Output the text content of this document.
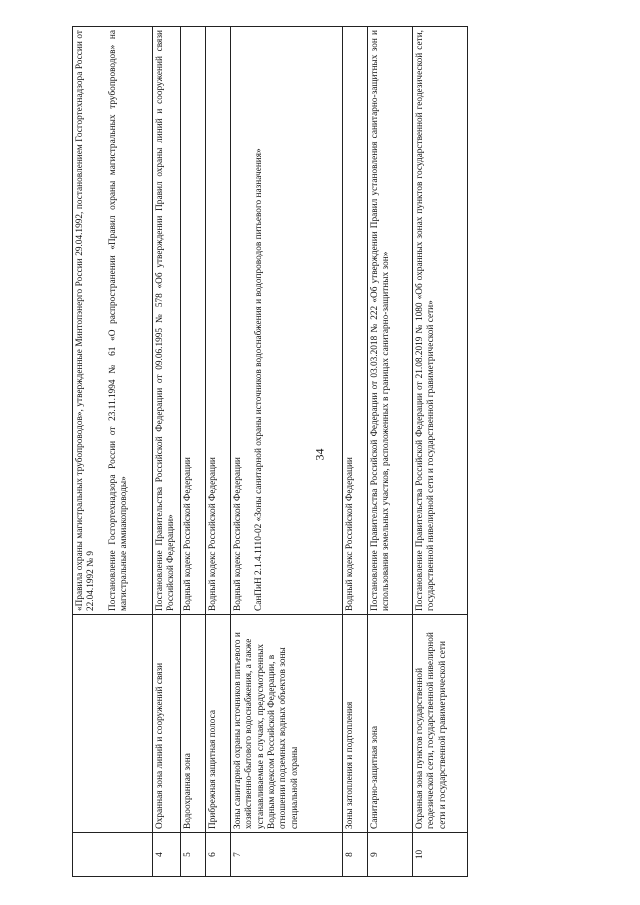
34

		«Правила охраны магистральных трубопроводов», утвержденные Минтопэнерго России 29.04.1992, постановлением Госгортехнадзора России от 22.04.1992 № 9 Постановление Госгортехнадзора России от 23.11.1994 № 61 «О распространении «Правил охраны магистральных трубопроводов» на магистральные аммиакопроводы»

4	Охранная зона линий и сооружений связи	Постановление Правительства Российской Федерации от 09.06.1995 № 578 «Об утверждении Правил охраны линий и сооружений связи Российской Федерации»

5	Водоохранная зона	Водный кодекс Российской Федерации

6	Прибрежная защитная полоса	Водный кодекс Российской Федерации

7	Зоны санитарной охраны источников питьевого и хозяйственно-бытового водоснабжения, а также устанавливаемые в случаях, предусмотренных Водным кодексом Российской Федерации, в отношении подземных водных объектов зоны специальной охраны	Водный кодекс Российской Федерации СанПиН 2.1.4.1110-02 «Зоны санитарной охраны источников водоснабжения и водопроводов питьевого назначения»

8	Зоны затопления и подтопления	Водный кодекс Российской Федерации

9	Санитарно-защитная зона	Постановление Правительства Российской Федерации от 03.03.2018 № 222 «Об утверждении Правил установления санитарно-защитных зон и использования земельных участков, расположенных в границах санитарно-защитных зон»

10	Охранная зона пунктов государственной геодезической сети, государственной нивелирной сети и государственной гравиметрической сети	Постановление Правительства Российской Федерации от 21.08.2019 № 1080 «Об охранных зонах пунктов государственной геодезической сети, государственной нивелирной сети и государственной гравиметрической сети»
